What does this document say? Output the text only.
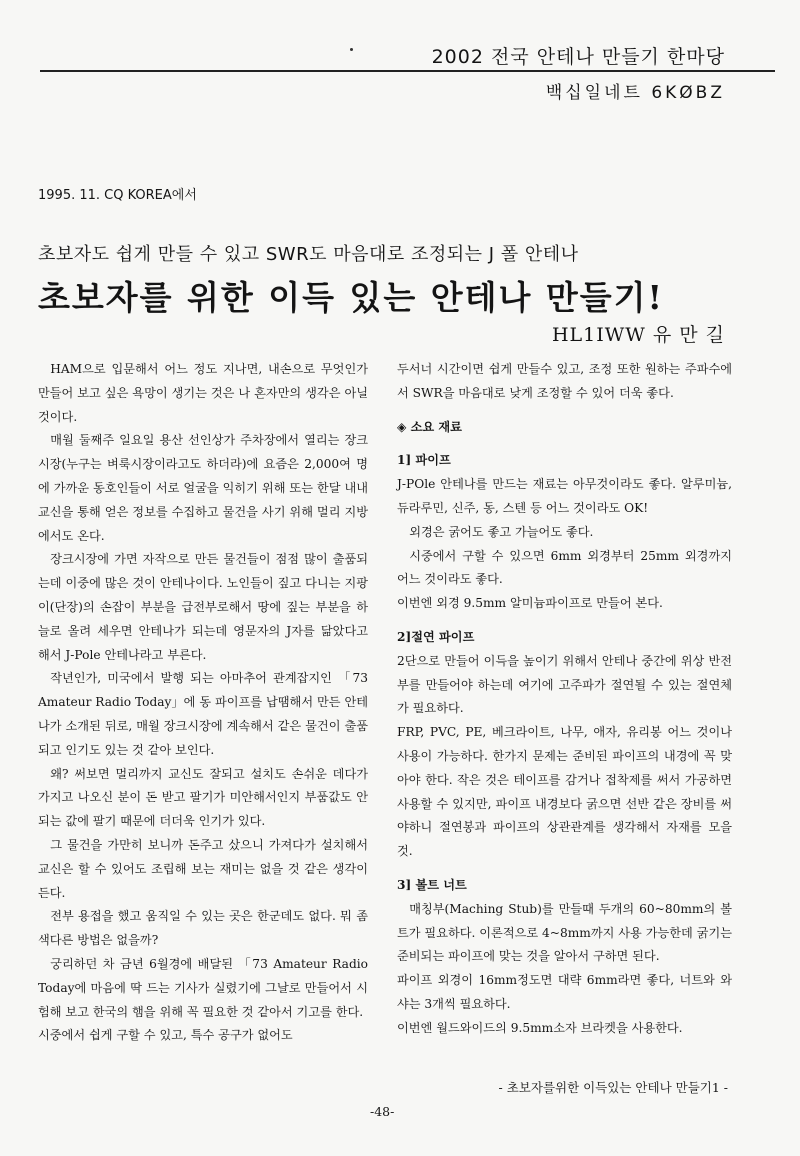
2002 전국 안테나 만들기 한마당
백십일네트 6KØBZ
1995. 11. CQ KOREA에서
초보자도 쉽게 만들 수 있고 SWR도 마음대로 조정되는 J 폴 안테나
초보자를 위한 이득 있는 안테나 만들기!
HL1IWW 유 만 길

HAM으로 입문해서 어느 정도 지나면, 내손으로 무엇인가 만들어 보고 싶은 욕망이 생기는 것은 나 혼자만의 생각은 아닐 것이다.

매월 둘째주 일요일 용산 선인상가 주차장에서 열리는 장크시장(누구는 벼룩시장이라고도 하더라)에 요즘은 2,000여 명에 가까운 동호인들이 서로 얼굴을 익히기 위해 또는 한달 내내 교신을 통해 얻은 정보를 수집하고 물건을 사기 위해 멀리 지방에서도 온다.

장크시장에 가면 자작으로 만든 물건들이 점점 많이 출품되는데 이중에 많은 것이 안테나이다. 노인들이 짚고 다니는 지팡이(단장)의 손잡이 부분을 급전부로해서 땅에 짚는 부분을 하늘로 올려 세우면 안테나가 되는데 영문자의 J자를 닮았다고 해서 J-Pole 안테나라고 부른다.

작년인가, 미국에서 발행 되는 아마추어 관계잡지인 「73 Amateur Radio Today」에 동 파이프를 납땜해서 만든 안테나가 소개된 뒤로, 매월 장크시장에 계속해서 같은 물건이 출품되고 인기도 있는 것 같아 보인다.

왜? 써보면 멀리까지 교신도 잘되고 설치도 손쉬운 데다가 가지고 나오신 분이 돈 받고 팔기가 미안해서인지 부품값도 안되는 값에 팔기 때문에 더더욱 인기가 있다.

그 물건을 가만히 보니까 돈주고 샀으니 가져다가 설치해서 교신은 할 수 있어도 조립해 보는 재미는 없을 것 같은 생각이 든다.

전부 용접을 했고 움직일 수 있는 곳은 한군데도 없다. 뭐 좀 색다른 방법은 없을까?

궁리하던 차 금년 6월경에 배달된 「73 Amateur Radio Today에 마음에 딱 드는 기사가 실렸기에 그날로 만들어서 시험해 보고 한국의 햄을 위해 꼭 필요한 것 같아서 기고를 한다.

시중에서 쉽게 구할 수 있고, 특수 공구가 없어도

두서너 시간이면 쉽게 만들수 있고, 조정 또한 원하는 주파수에서 SWR을 마음대로 낮게 조정할 수 있어 더욱 좋다.

◈ 소요 재료
1] 파이프

J-POle 안테나를 만드는 재료는 아무것이라도 좋다. 알루미늄, 듀라루민, 신주, 동, 스텐 등 어느 것이라도 OK!

외경은 굵어도 좋고 가늘어도 좋다.

시중에서 구할 수 있으면 6mm 외경부터 25mm 외경까지 어느 것이라도 좋다.

이번엔 외경 9.5mm 알미늄파이프로 만들어 본다.

2]절연 파이프

2단으로 만들어 이득을 높이기 위해서 안테나 중간에 위상 반전부를 만들어야 하는데 여기에 고주파가 절연될 수 있는 절연체가 필요하다.

FRP, PVC, PE, 베크라이트, 나무, 애자, 유리봉 어느 것이나 사용이 가능하다. 한가지 문제는 준비된 파이프의 내경에 꼭 맞아야 한다. 작은 것은 테이프를 감거나 접착제를 써서 가공하면 사용할 수 있지만, 파이프 내경보다 굵으면 선반 같은 장비를 써야하니 절연봉과 파이프의 상관관계를 생각해서 자재를 모을 것.

3] 볼트 너트

매칭부(Maching Stub)를 만들때 두개의 60~80mm의 볼트가 필요하다. 이론적으로 4~8mm까지 사용 가능한데 굵기는 준비되는 파이프에 맞는 것을 알아서 구하면 된다.

파이프 외경이 16mm정도면 대략 6mm라면 좋다, 너트와 와샤는 3개씩 필요하다.

이번엔 월드와이드의 9.5mm소자 브라켓을 사용한다.

- 초보자를위한 이득있는 안테나 만들기1 -
-48-
